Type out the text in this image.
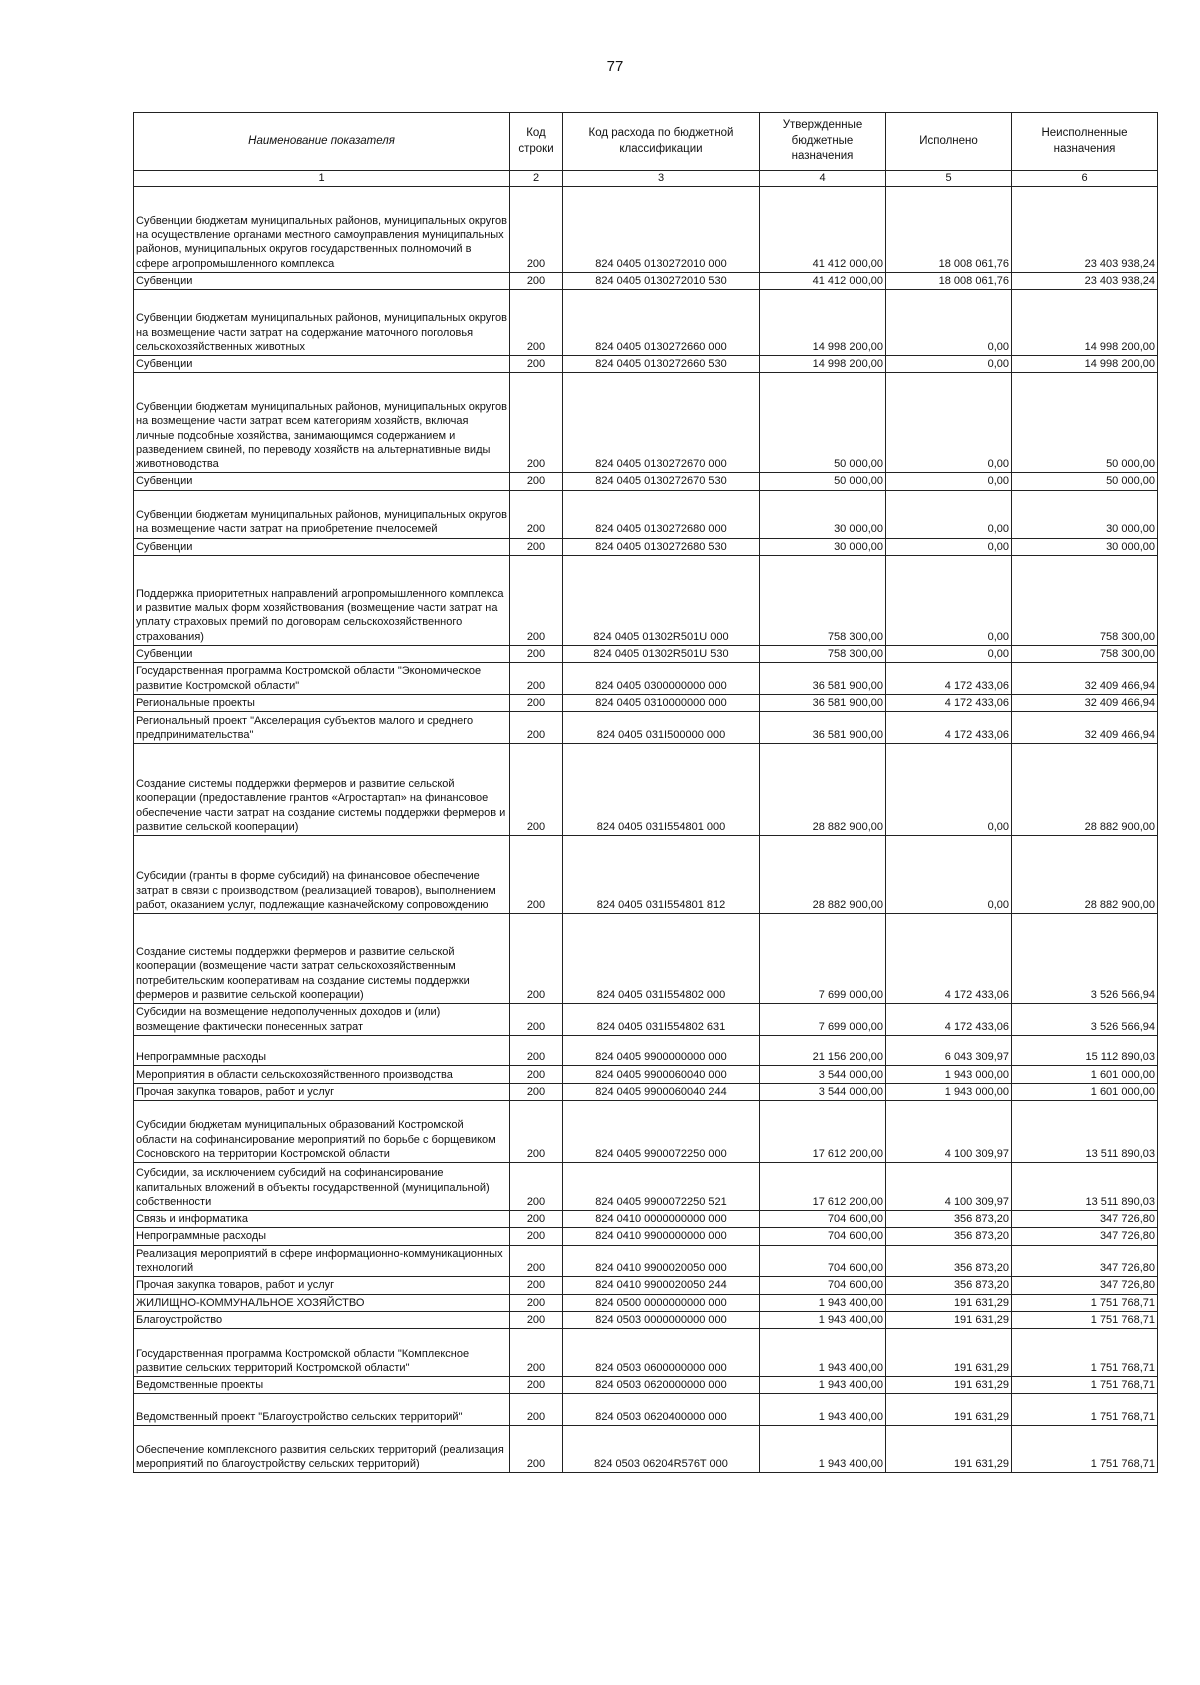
77
Наименование показателя	Код строки	Код расхода по бюджетной классификации	Утвержденные бюджетные назначения	Исполнено	Неисполненные назначения
1	2	3	4	5	6
Субвенции бюджетам муниципальных районов, муниципальных округов на осуществление органами местного самоуправления муниципальных районов, муниципальных округов государственных полномочий в сфере агропромышленного комплекса	200	824 0405 0130272010 000	41 412 000,00	18 008 061,76	23 403 938,24
Субвенции	200	824 0405 0130272010 530	41 412 000,00	18 008 061,76	23 403 938,24
Субвенции бюджетам муниципальных районов, муниципальных округов на возмещение части затрат на содержание маточного поголовья сельскохозяйственных животных	200	824 0405 0130272660 000	14 998 200,00	0,00	14 998 200,00
Субвенции	200	824 0405 0130272660 530	14 998 200,00	0,00	14 998 200,00
Субвенции бюджетам муниципальных районов, муниципальных округов на возмещение части затрат всем категориям хозяйств, включая личные подсобные хозяйства, занимающимся содержанием и разведением свиней, по переводу хозяйств на альтернативные виды животноводства	200	824 0405 0130272670 000	50 000,00	0,00	50 000,00
Субвенции	200	824 0405 0130272670 530	50 000,00	0,00	50 000,00
Субвенции бюджетам муниципальных районов, муниципальных округов на возмещение части затрат на приобретение пчелосемей	200	824 0405 0130272680 000	30 000,00	0,00	30 000,00
Субвенции	200	824 0405 0130272680 530	30 000,00	0,00	30 000,00
Поддержка приоритетных направлений агропромышленного комплекса и развитие малых форм хозяйствования (возмещение части затрат на уплату страховых премий по договорам сельскохозяйственного страхования)	200	824 0405 01302R501U 000	758 300,00	0,00	758 300,00
Субвенции	200	824 0405 01302R501U 530	758 300,00	0,00	758 300,00
Государственная программа Костромской области "Экономическое развитие Костромской области"	200	824 0405 0300000000 000	36 581 900,00	4 172 433,06	32 409 466,94
Региональные проекты	200	824 0405 0310000000 000	36 581 900,00	4 172 433,06	32 409 466,94
Региональный проект "Акселерация субъектов малого и среднего предпринимательства"	200	824 0405 031I500000 000	36 581 900,00	4 172 433,06	32 409 466,94
Создание системы поддержки фермеров и развитие сельской кооперации (предоставление грантов «Агростартап» на финансовое обеспечение части затрат на создание системы поддержки фермеров и развитие сельской кооперации)	200	824 0405 031I554801 000	28 882 900,00	0,00	28 882 900,00
Субсидии (гранты в форме субсидий) на финансовое обеспечение затрат в связи с производством (реализацией товаров), выполнением работ, оказанием услуг, подлежащие казначейскому сопровождению	200	824 0405 031I554801 812	28 882 900,00	0,00	28 882 900,00
Создание системы поддержки фермеров и развитие сельской кооперации (возмещение части затрат сельскохозяйственным потребительским кооперативам на создание системы поддержки фермеров и развитие сельской кооперации)	200	824 0405 031I554802 000	7 699 000,00	4 172 433,06	3 526 566,94
Субсидии на возмещение недополученных доходов и (или) возмещение фактически понесенных затрат	200	824 0405 031I554802 631	7 699 000,00	4 172 433,06	3 526 566,94
Непрограммные расходы	200	824 0405 9900000000 000	21 156 200,00	6 043 309,97	15 112 890,03
Мероприятия в области сельскохозяйственного производства	200	824 0405 9900060040 000	3 544 000,00	1 943 000,00	1 601 000,00
Прочая закупка товаров, работ и услуг	200	824 0405 9900060040 244	3 544 000,00	1 943 000,00	1 601 000,00
Субсидии бюджетам муниципальных образований Костромской области на софинансирование мероприятий по борьбе с борщевиком Сосновского на территории Костромской области	200	824 0405 9900072250 000	17 612 200,00	4 100 309,97	13 511 890,03
Субсидии, за исключением субсидий на софинансирование капитальных вложений в объекты государственной (муниципальной) собственности	200	824 0405 9900072250 521	17 612 200,00	4 100 309,97	13 511 890,03
Связь и информатика	200	824 0410 0000000000 000	704 600,00	356 873,20	347 726,80
Непрограммные расходы	200	824 0410 9900000000 000	704 600,00	356 873,20	347 726,80
Реализация мероприятий в сфере информационно-коммуникационных технологий	200	824 0410 9900020050 000	704 600,00	356 873,20	347 726,80
Прочая закупка товаров, работ и услуг	200	824 0410 9900020050 244	704 600,00	356 873,20	347 726,80
ЖИЛИЩНО-КОММУНАЛЬНОЕ ХОЗЯЙСТВО	200	824 0500 0000000000 000	1 943 400,00	191 631,29	1 751 768,71
Благоустройство	200	824 0503 0000000000 000	1 943 400,00	191 631,29	1 751 768,71
Государственная программа Костромской области "Комплексное развитие сельских территорий Костромской области"	200	824 0503 0600000000 000	1 943 400,00	191 631,29	1 751 768,71
Ведомственные проекты	200	824 0503 0620000000 000	1 943 400,00	191 631,29	1 751 768,71
Ведомственный проект "Благоустройство сельских территорий"	200	824 0503 0620400000 000	1 943 400,00	191 631,29	1 751 768,71
Обеспечение комплексного развития сельских территорий (реализация мероприятий по благоустройству сельских территорий)	200	824 0503 06204R576T 000	1 943 400,00	191 631,29	1 751 768,71
